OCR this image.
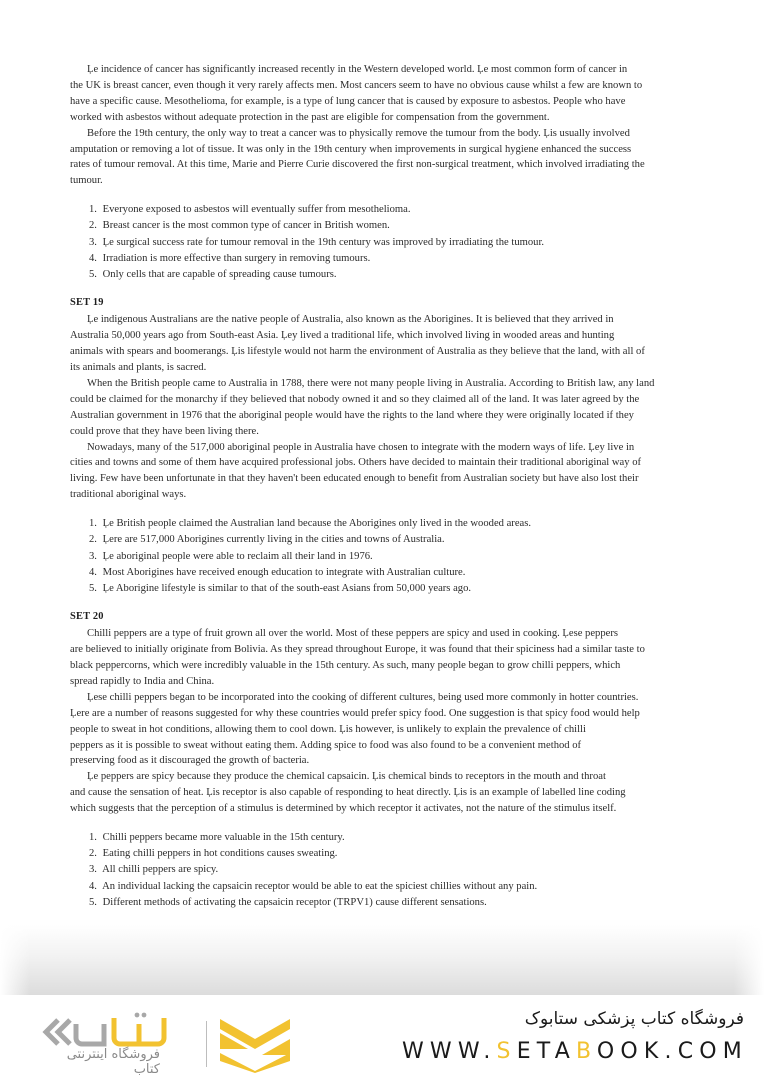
Ļe incidence of cancer has significantly increased recently in the Western developed world. Ļe most common form of cancer in
the UK is breast cancer, even though it very rarely affects men. Most cancers seem to have no obvious cause whilst a few are known to
have a specific cause. Mesothelioma, for example, is a type of lung cancer that is caused by exposure to asbestos. People who have
worked with asbestos without adequate protection in the past are eligible for compensation from the government.

Before the 19th century, the only way to treat a cancer was to physically remove the tumour from the body. Ļis usually involved
amputation or removing a lot of tissue. It was only in the 19th century when improvements in surgical hygiene enhanced the success
rates of tumour removal. At this time, Marie and Pierre Curie discovered the first non-surgical treatment, which involved irradiating the
tumour.

1. Everyone exposed to asbestos will eventually suffer from mesothelioma.
2. Breast cancer is the most common type of cancer in British women.
3. Ļe surgical success rate for tumour removal in the 19th century was improved by irradiating the tumour.
4. Irradiation is more effective than surgery in removing tumours.
5. Only cells that are capable of spreading cause tumours.
SET 19

Ļe indigenous Australians are the native people of Australia, also known as the Aborigines. It is believed that they arrived in
Australia 50,000 years ago from South-east Asia. Ļey lived a traditional life, which involved living in wooded areas and hunting
animals with spears and boomerangs. Ļis lifestyle would not harm the environment of Australia as they believe that the land, with all of
its animals and plants, is sacred.

When the British people came to Australia in 1788, there were not many people living in Australia. According to British law, any land
could be claimed for the monarchy if they believed that nobody owned it and so they claimed all of the land. It was later agreed by the
Australian government in 1976 that the aboriginal people would have the rights to the land where they were originally located if they
could prove that they have been living there.

Nowadays, many of the 517,000 aboriginal people in Australia have chosen to integrate with the modern ways of life. Ļey live in
cities and towns and some of them have acquired professional jobs. Others have decided to maintain their traditional aboriginal way of
living. Few have been unfortunate in that they haven't been educated enough to benefit from Australian society but have also lost their
traditional aboriginal ways.

1. Ļe British people claimed the Australian land because the Aborigines only lived in the wooded areas.
2. Ļere are 517,000 Aborigines currently living in the cities and towns of Australia.
3. Ļe aboriginal people were able to reclaim all their land in 1976.
4. Most Aborigines have received enough education to integrate with Australian culture.
5. Ļe Aborigine lifestyle is similar to that of the south-east Asians from 50,000 years ago.
SET 20

Chilli peppers are a type of fruit grown all over the world. Most of these peppers are spicy and used in cooking. Ļese peppers
are believed to initially originate from Bolivia. As they spread throughout Europe, it was found that their spiciness had a similar taste to
black peppercorns, which were incredibly valuable in the 15th century. As such, many people began to grow chilli peppers, which
spread rapidly to India and China.

Ļese chilli peppers began to be incorporated into the cooking of different cultures, being used more commonly in hotter countries.
Ļere are a number of reasons suggested for why these countries would prefer spicy food. One suggestion is that spicy food would help
people to sweat in hot conditions, allowing them to cool down. Ļis however, is unlikely to explain the prevalence of chilli
peppers as it is possible to sweat without eating them. Adding spice to food was also found to be a convenient method of
preserving food as it discouraged the growth of bacteria.

Ļe peppers are spicy because they produce the chemical capsaicin. Ļis chemical binds to receptors in the mouth and throat
and cause the sensation of heat. Ļis receptor is also capable of responding to heat directly. Ļis is an example of labelled line coding
which suggests that the perception of a stimulus is determined by which receptor it activates, not the nature of the stimulus itself.

1. Chilli peppers became more valuable in the 15th century.
2. Eating chilli peppers in hot conditions causes sweating.
3. All chilli peppers are spicy.
4. An individual lacking the capsaicin receptor would be able to eat the spiciest chillies without any pain.
5. Different methods of activating the capsaicin receptor (TRPV1) cause different sensations.
فروشگاه اینترنتی کتاب
فروشگاه کتاب پزشکی ستابوک
WWW.SETABOOK.COM
